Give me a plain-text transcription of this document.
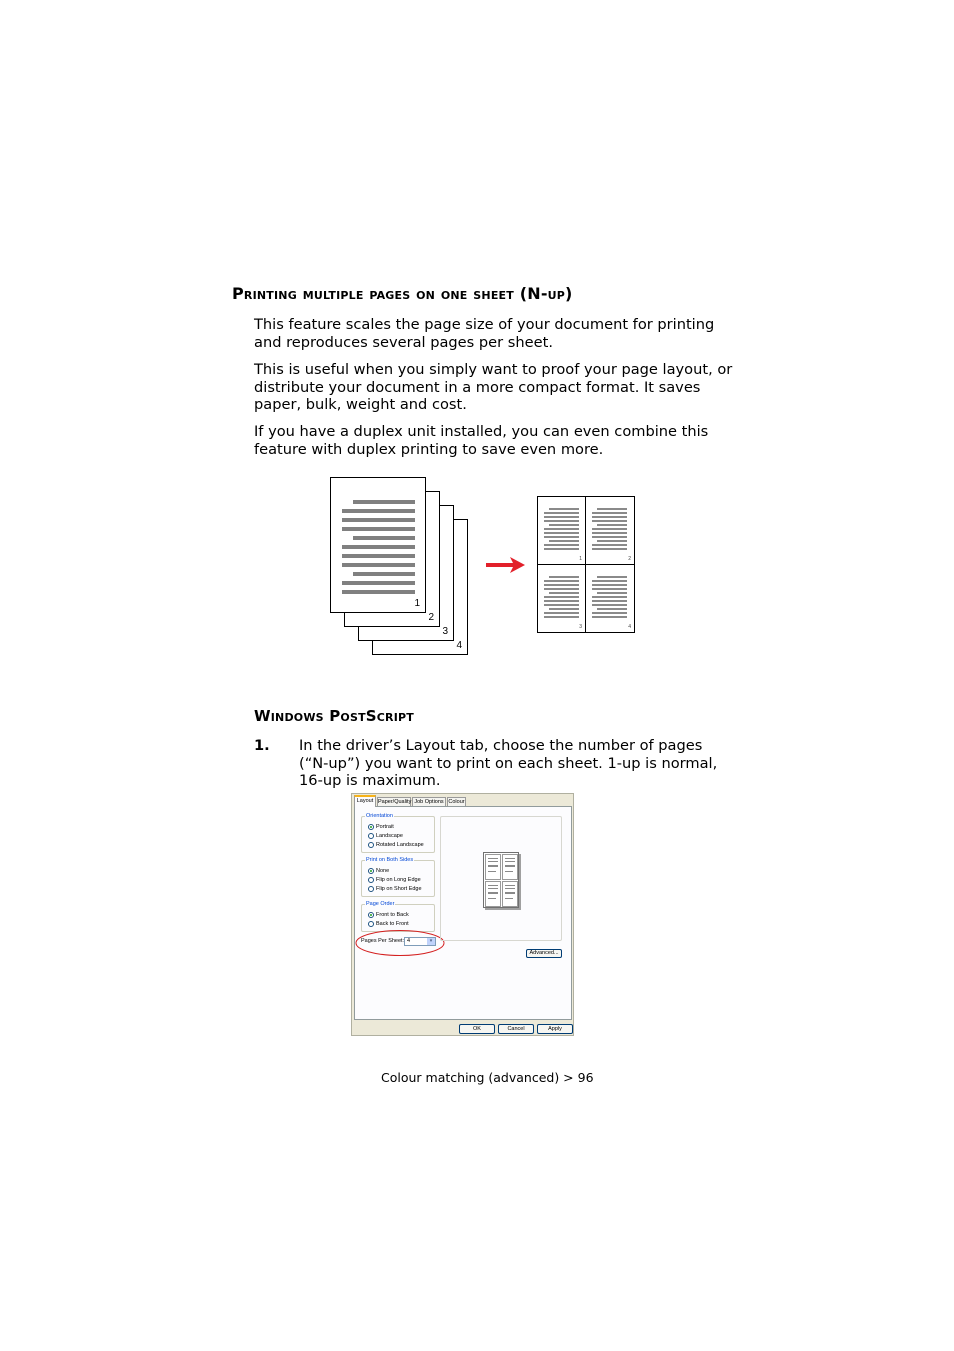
Printing multiple pages on one sheet (N-up)
This feature scales the page size of your document for printing
and reproduces several pages per sheet.
This is useful when you simply want to proof your page layout, or
distribute your document in a more compact format. It saves
paper, bulk, weight and cost.
If you have a duplex unit installed, you can even combine this
feature with duplex printing to save even more.
4
3
2
1
1	2
3	4
Windows PostScript
1. In the driver’s Layout tab, choose the number of pages
(“N-up”) you want to print on each sheet. 1-up is normal,
16-up is maximum.
Layout Paper/Quality Job Options Colour
Orientation
Portrait
Landscape
Rotated Landscape
Print on Both Sides
None
Flip on Long Edge
Flip on Short Edge
Page Order
Front to Back
Back to Front
Pages Per Sheet: 4	▾
Advanced...
OK	Cancel	Apply
Colour matching (advanced) > 96
